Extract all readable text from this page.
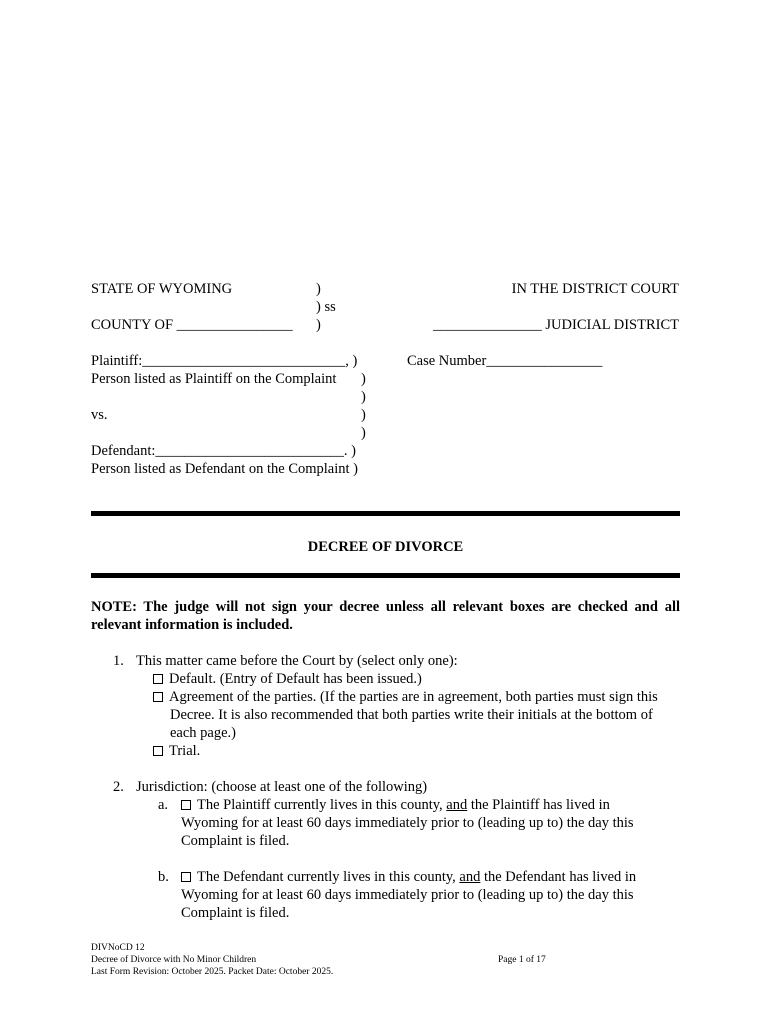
STATE OF WYOMING	)
) ss
)
COUNTY OF ________________
IN THE DISTRICT COURT
_______________ JUDICIAL DISTRICT
Plaintiff:____________________________, )	Case Number________________
Person listed as Plaintiff on the Complaint )
)
vs.	)
)
Defendant:__________________________. )
Person listed as Defendant on the Complaint )
DECREE OF DIVORCE
NOTE: The judge will not sign your decree unless all relevant boxes are checked and all
relevant information is included.
1. This matter came before the Court by (select only one):
Default. (Entry of Default has been issued.)
Agreement of the parties. (If the parties are in agreement, both parties must sign this
Decree. It is also recommended that both parties write their initials at the bottom of
each page.)
Trial.
2. Jurisdiction: (choose at least one of the following)
a.	The Plaintiff currently lives in this county, and the Plaintiff has lived in
Wyoming for at least 60 days immediately prior to (leading up to) the day this
Complaint is filed.
b.	The Defendant currently lives in this county, and the Defendant has lived in
Wyoming for at least 60 days immediately prior to (leading up to) the day this
Complaint is filed.
DIVNoCD 12
Decree of Divorce with No Minor Children
Last Form Revision: October 2025. Packet Date: October 2025.
Page 1 of 17
